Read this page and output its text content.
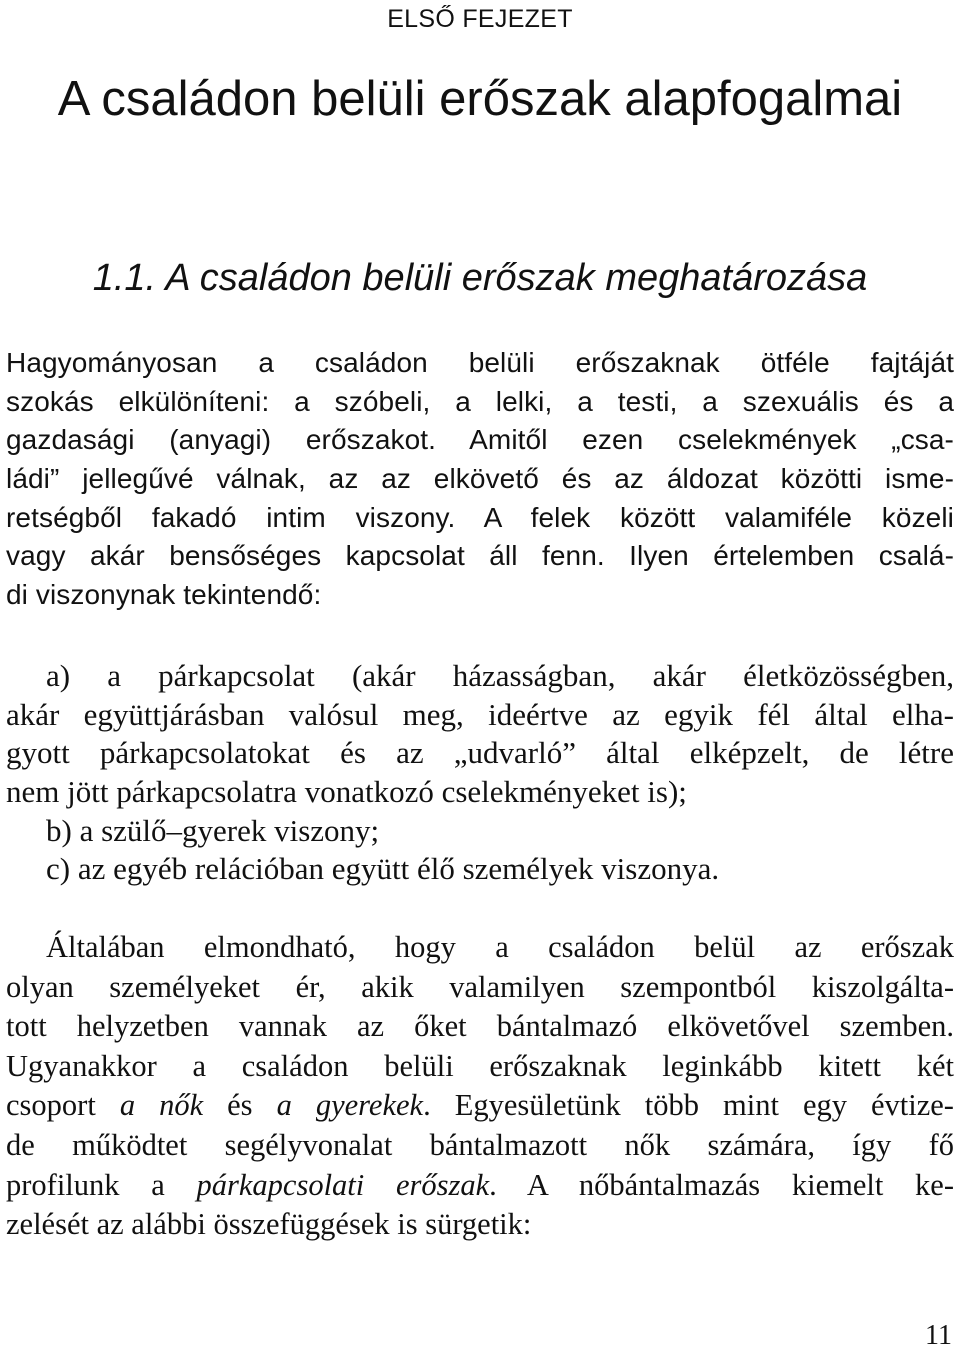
ELSŐ FEJEZET
A családon belüli erőszak alapfogalmai
1.1. A családon belüli erőszak meghatározása
Hagyományosan a családon belüli erőszaknak ötféle fajtáját
szokás elkülöníteni: a szóbeli, a lelki, a testi, a szexuális és a
gazdasági (anyagi) erőszakot. Amitől ezen cselekmények „csa-
ládi” jellegűvé válnak, az az elkövető és az áldozat közötti isme-
retségből fakadó intim viszony. A felek között valamiféle közeli
vagy akár bensőséges kapcsolat áll fenn. Ilyen értelemben csalá-
di viszonynak tekintendő:
a) a párkapcsolat (akár házasságban, akár életközösségben,
akár együttjárásban valósul meg, ideértve az egyik fél által elha-
gyott párkapcsolatokat és az „udvarló” által elképzelt, de létre
nem jött párkapcsolatra vonatkozó cselekményeket is);
b) a szülő–gyerek viszony;
c) az egyéb relációban együtt élő személyek viszonya.
Általában elmondható, hogy a családon belül az erőszak
olyan személyeket ér, akik valamilyen szempontból kiszolgálta-
tott helyzetben vannak az őket bántalmazó elkövetővel szemben.
Ugyanakkor a családon belüli erőszaknak leginkább kitett két
csoport a nők és a gyerekek. Egyesületünk több mint egy évtize-
de működtet segélyvonalat bántalmazott nők számára, így fő
profilunk a párkapcsolati erőszak. A nőbántalmazás kiemelt ke-
zelését az alábbi összefüggések is sürgetik:
11
